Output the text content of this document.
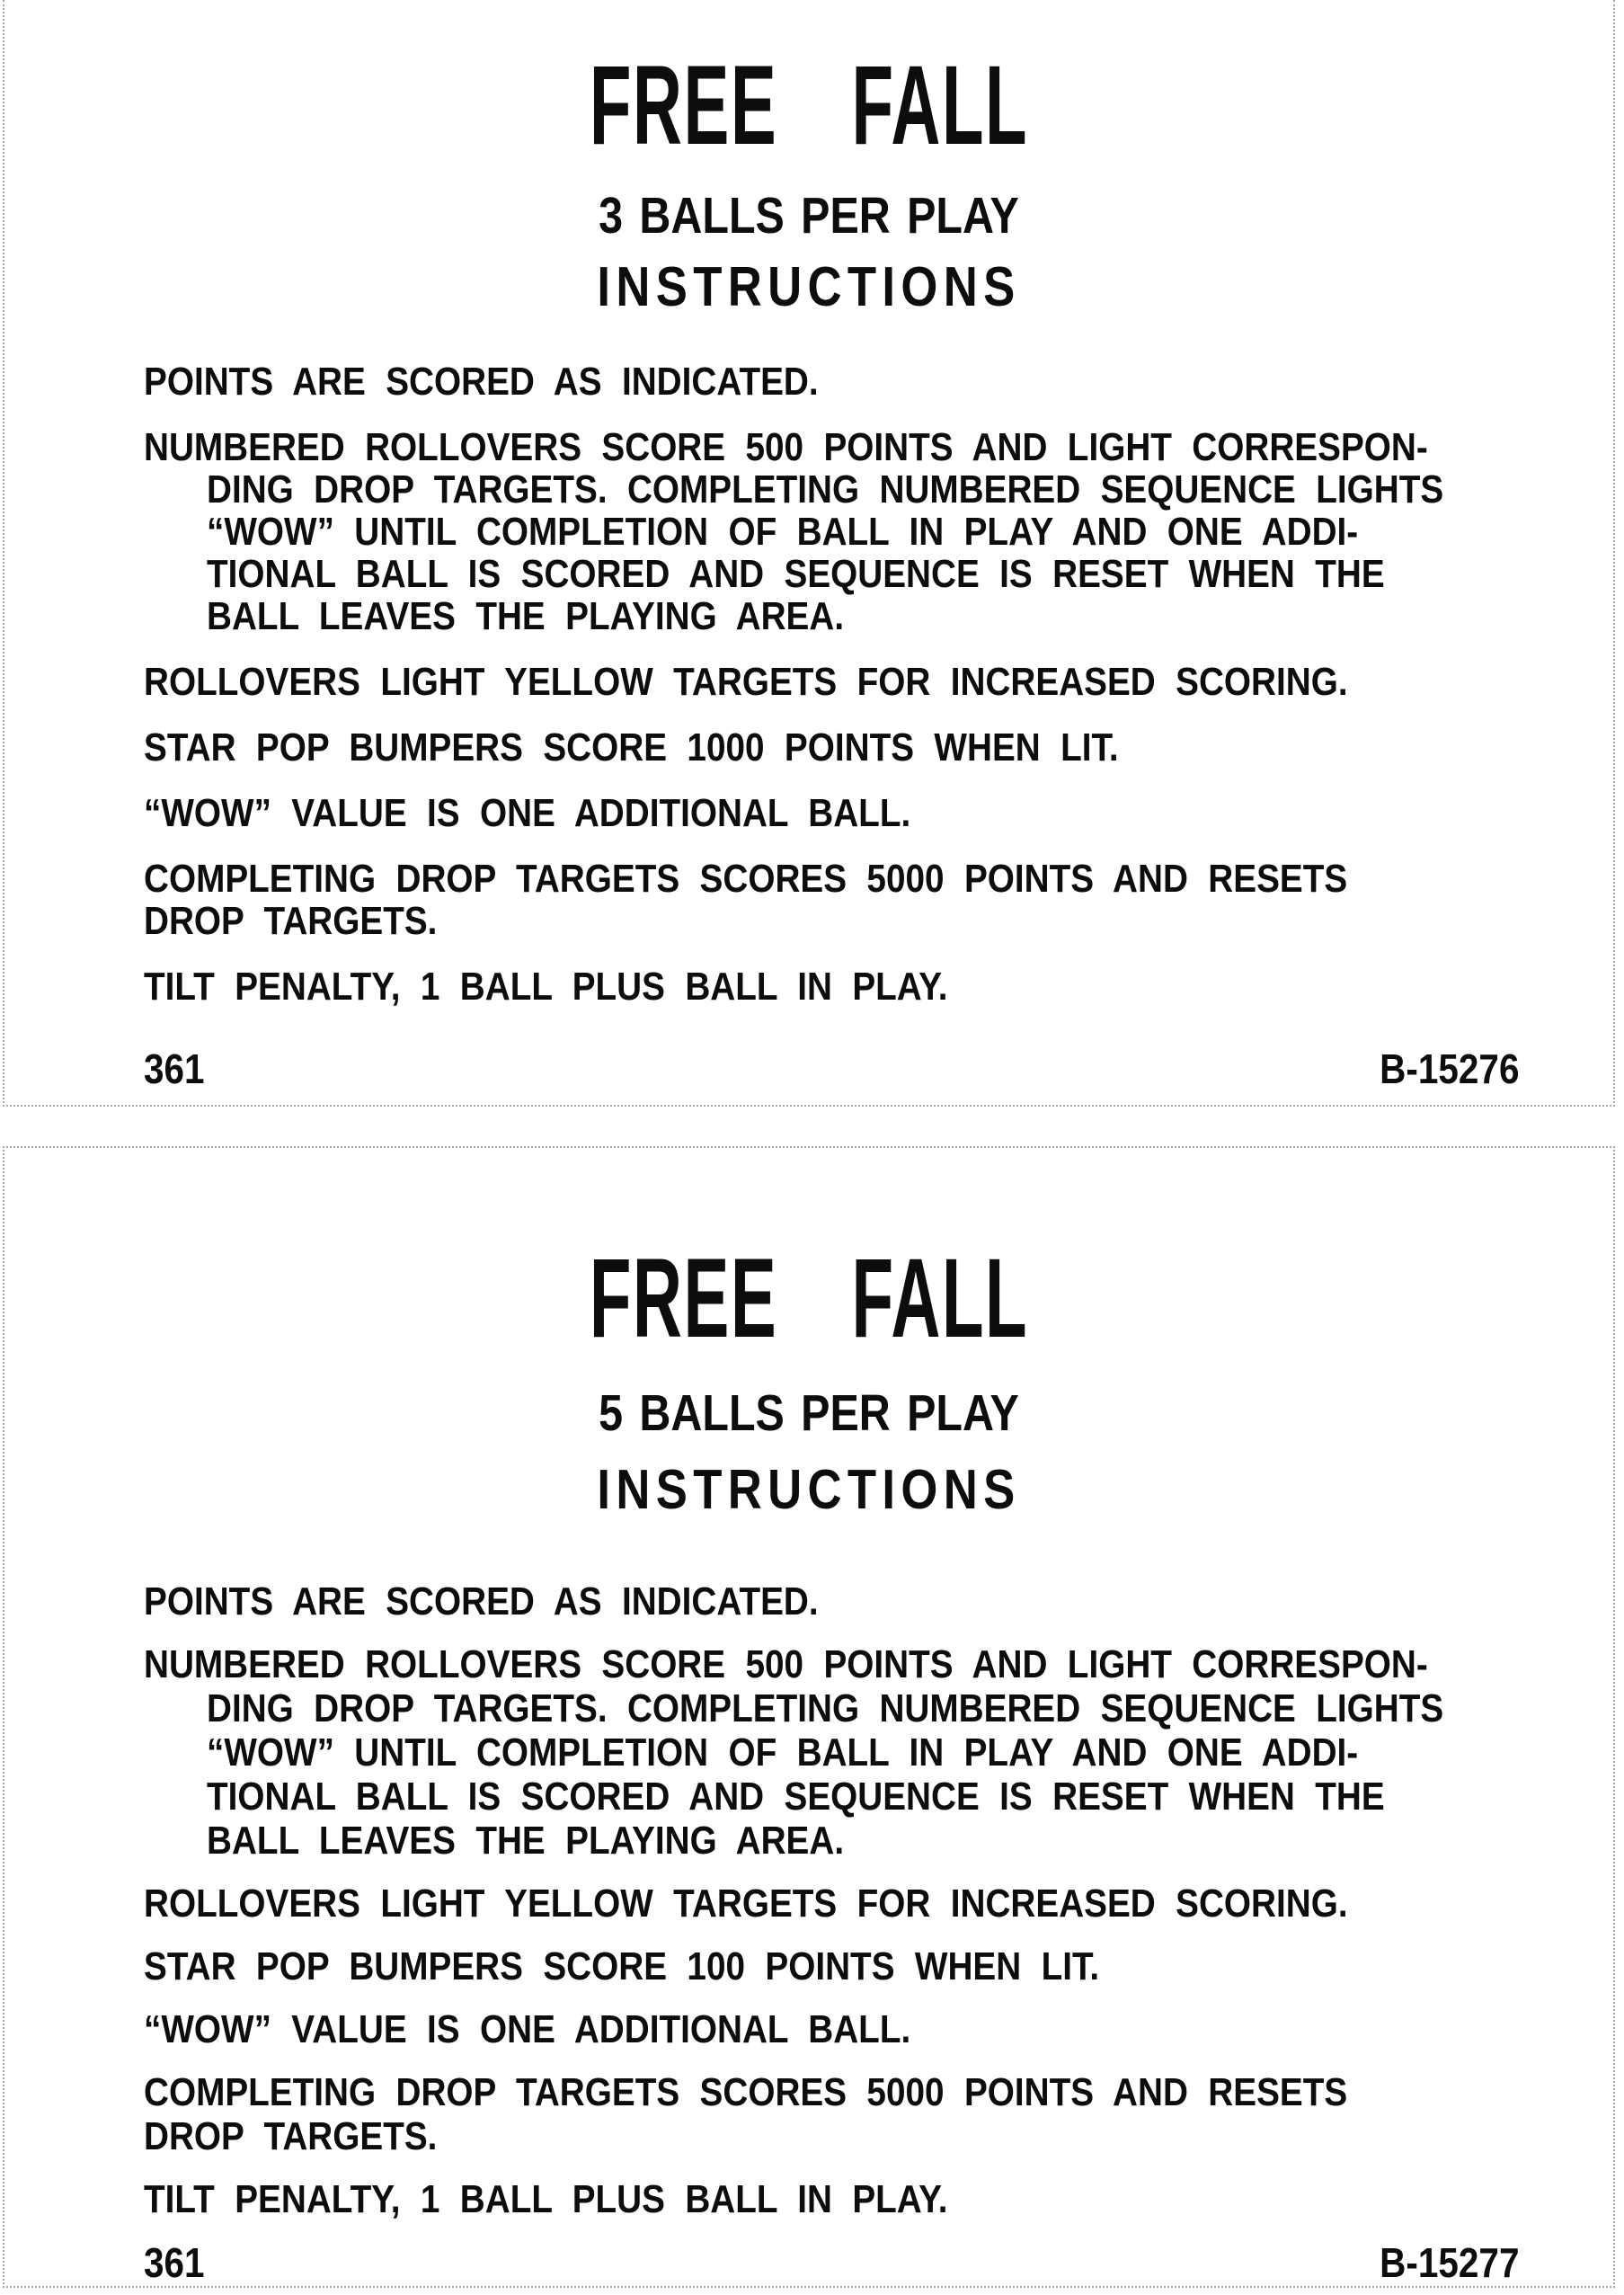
FREE FALL
3 BALLS PER PLAY
INSTRUCTIONS
POINTS ARE SCORED AS INDICATED.
NUMBERED ROLLOVERS SCORE 500 POINTS AND LIGHT CORRESPON-
DING DROP TARGETS. COMPLETING NUMBERED SEQUENCE LIGHTS
“WOW” UNTIL COMPLETION OF BALL IN PLAY AND ONE ADDI-
TIONAL BALL IS SCORED AND SEQUENCE IS RESET WHEN THE
BALL LEAVES THE PLAYING AREA.
ROLLOVERS LIGHT YELLOW TARGETS FOR INCREASED SCORING.
STAR POP BUMPERS SCORE 1000 POINTS WHEN LIT.
“WOW” VALUE IS ONE ADDITIONAL BALL.
COMPLETING DROP TARGETS SCORES 5000 POINTS AND RESETS
DROP TARGETS.
TILT PENALTY, 1 BALL PLUS BALL IN PLAY.
361	B-15276
FREE FALL
5 BALLS PER PLAY
INSTRUCTIONS
POINTS ARE SCORED AS INDICATED.
NUMBERED ROLLOVERS SCORE 500 POINTS AND LIGHT CORRESPON-
DING DROP TARGETS. COMPLETING NUMBERED SEQUENCE LIGHTS
“WOW” UNTIL COMPLETION OF BALL IN PLAY AND ONE ADDI-
TIONAL BALL IS SCORED AND SEQUENCE IS RESET WHEN THE
BALL LEAVES THE PLAYING AREA.
ROLLOVERS LIGHT YELLOW TARGETS FOR INCREASED SCORING.
STAR POP BUMPERS SCORE 100 POINTS WHEN LIT.
“WOW” VALUE IS ONE ADDITIONAL BALL.
COMPLETING DROP TARGETS SCORES 5000 POINTS AND RESETS
DROP TARGETS.
TILT PENALTY, 1 BALL PLUS BALL IN PLAY.
361	B-15277
